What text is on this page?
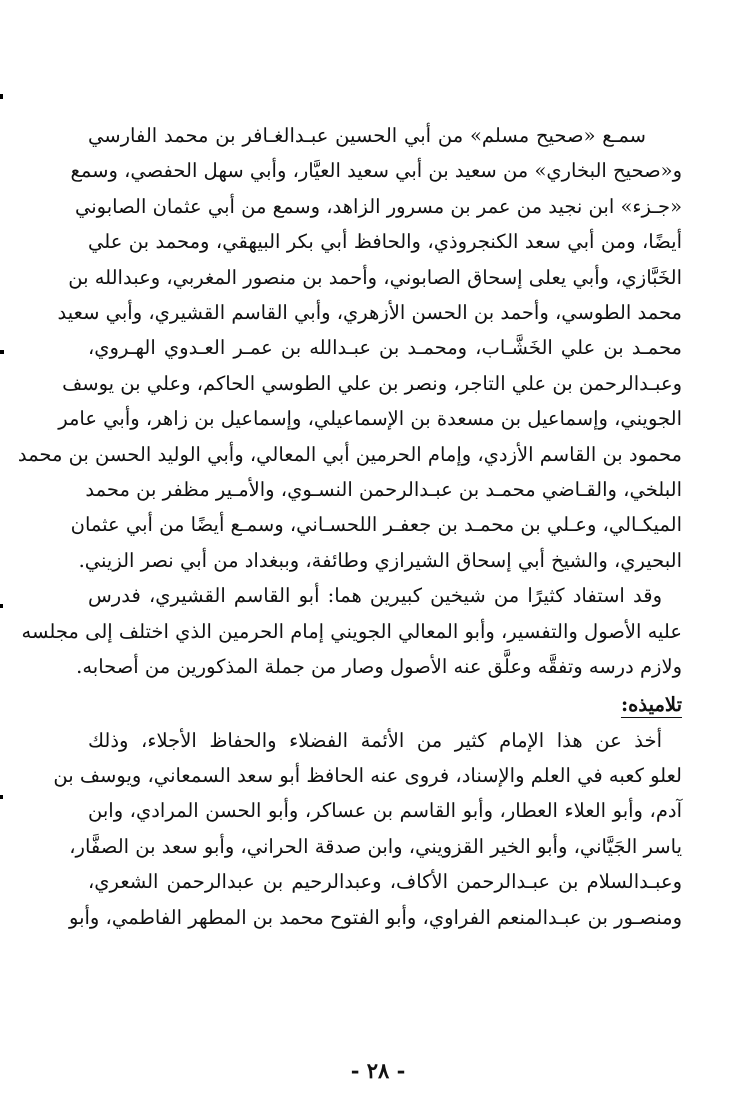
سمـع «صحيح مسلم» من أبي الحسين عبـدالغـافر بن محمد الفارسي
و«صحيح البخاري» من سعيد بن أبي سعيد العيَّار، وأبي سهل الحفصي، وسمع
«جـزء» ابن نجيد من عمر بن مسرور الزاهد، وسمع من أبي عثمان الصابوني
أيضًا، ومن أبي سعد الكنجروذي، والحافظ أبي بكر البيهقي، ومحمد بن علي
الخَبَّازي، وأبي يعلى إسحاق الصابوني، وأحمد بن منصور المغربي، وعبدالله بن
محمد الطوسي، وأحمد بن الحسن الأزهري، وأبي القاسم القشيري، وأبي سعيد
محمـد بن علي الخَشَّـاب، ومحمـد بن عبـدالله بن عمـر العـدوي الهـروي،
وعبـدالرحمن بن علي التاجر، ونصر بن علي الطوسي الحاكم، وعلي بن يوسف
الجويني، وإسماعيل بن مسعدة بن الإسماعيلي، وإسماعيل بن زاهر، وأبي عامر
محمود بن القاسم الأزدي، وإمام الحرمين أبي المعالي، وأبي الوليد الحسن بن محمد
البلخي، والقـاضي محمـد بن عبـدالرحمن النسـوي، والأمـير مظفر بن محمد
الميكـالي، وعـلي بن محمـد بن جعفـر اللحسـاني، وسمـع أيضًا من أبي عثمان
البحيري، والشيخ أبي إسحاق الشيرازي وطائفة، وببغداد من أبي نصر الزيني.
وقد استفاد كثيرًا من شيخين كبيرين هما: أبو القاسم القشيري، فدرس
عليه الأصول والتفسير، وأبو المعالي الجويني إمام الحرمين الذي اختلف إلى مجلسه
ولازم درسه وتفقَّه وعلَّق عنه الأصول وصار من جملة المذكورين من أصحابه.
تلاميذه:
أخذ عن هذا الإمام كثير من الأئمة الفضلاء والحفاظ الأجلاء، وذلك
لعلو كعبه في العلم والإسناد، فروى عنه الحافظ أبو سعد السمعاني، ويوسف بن
آدم، وأبو العلاء العطار، وأبو القاسم بن عساكر، وأبو الحسن المرادي، وابن
ياسر الجَيَّاني، وأبو الخير القزويني، وابن صدقة الحراني، وأبو سعد بن الصفَّار،
وعبـدالسلام بن عبـدالرحمن الأكاف، وعبدالرحيم بن عبدالرحمن الشعري،
ومنصـور بن عبـدالمنعم الفراوي، وأبو الفتوح محمد بن المطهر الفاطمي، وأبو
- ٢٨ -
